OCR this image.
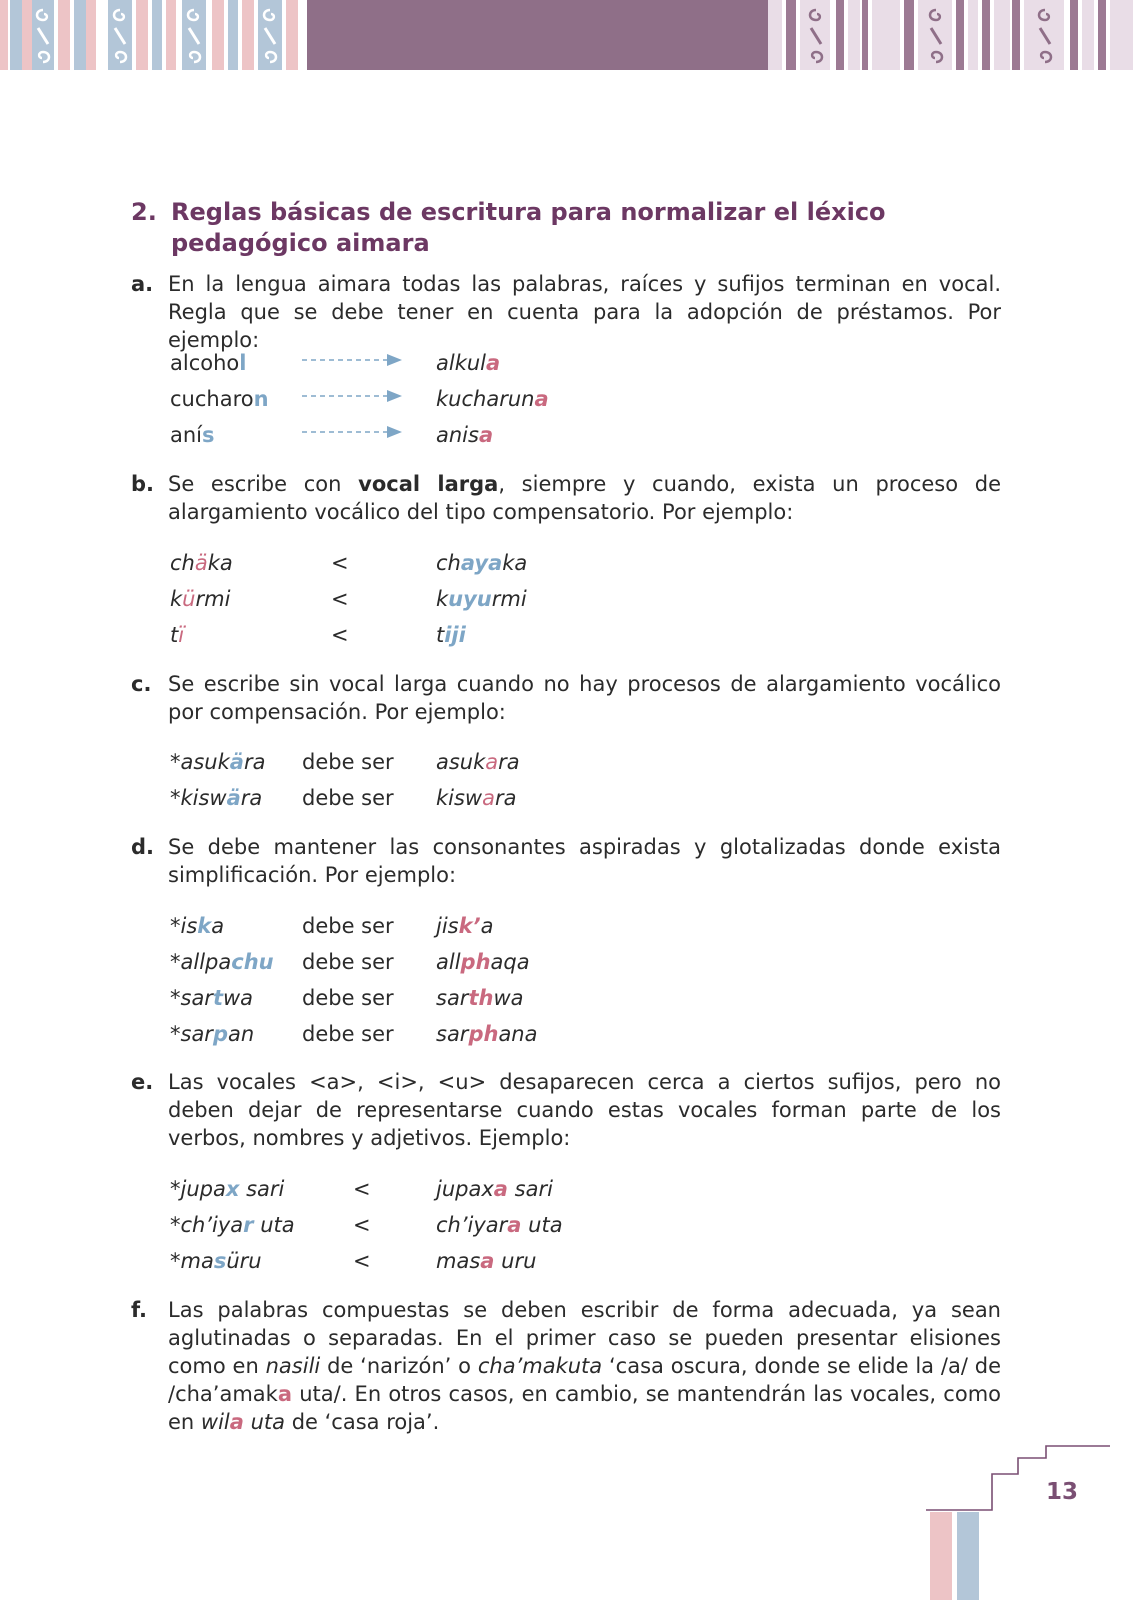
2. Reglas básicas de escritura para normalizar el léxico pedagógico aimara
a. En la lengua aimara todas las palabras, raíces y sufijos terminan en vocal. Regla que se debe tener en cuenta para la adopción de préstamos. Por ejemplo:
alcohol	alkula
cucharon	kucharuna
anís	anisa
b. Se escribe con vocal larga, siempre y cuando, exista un proceso de alargamiento vocálico del tipo compensatorio. Por ejemplo:
chäka	<	chayaka
kürmi	<	kuyurmi
tï	<	tiji
c. Se escribe sin vocal larga cuando no hay procesos de alargamiento vocálico por compensación. Por ejemplo:
*asukära debe ser asukara
*kiswära debe ser kiswara
d. Se debe mantener las consonantes aspiradas y glotalizadas donde exista simplificación. Por ejemplo:
*iska	debe ser jisk’a
*allpachu debe ser allphaqa
*sartwa debe ser sarthwa
*sarpan debe ser sarphana
e. Las vocales <a>, <i>, <u> desaparecen cerca a ciertos sufijos, pero no deben dejar de representarse cuando estas vocales forman parte de los verbos, nombres y adjetivos. Ejemplo:
*jupax sari	<	jupaxa sari
*ch’iyar uta	<	ch’iyara uta
*masüru	<	masa uru
f. Las palabras compuestas se deben escribir de forma adecuada, ya sean aglutinadas o separadas. En el primer caso se pueden presentar elisiones como en nasili de ‘narizón’ o cha’makuta ‘casa oscura, donde se elide la /a/ de /cha’amaka uta/. En otros casos, en cambio, se mantendrán las vocales, como en wila uta de ‘casa roja’.
13
